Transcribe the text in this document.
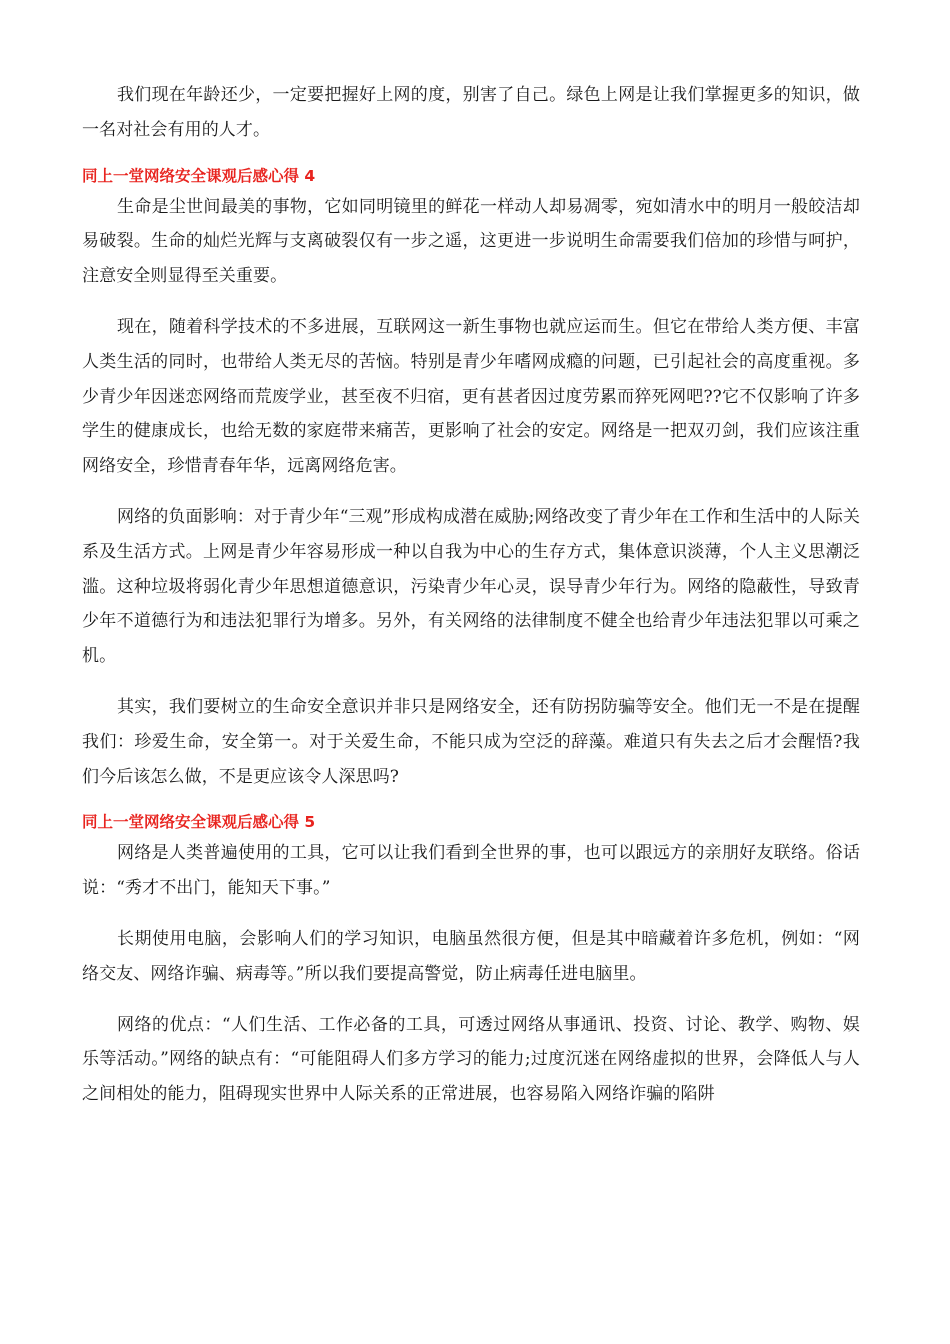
我们现在年龄还少，一定要把握好上网的度，别害了自己。绿色上网是让我们掌握更多的知识，做一名对社会有用的人才。

同上一堂网络安全课观后感心得 4

生命是尘世间最美的事物，它如同明镜里的鲜花一样动人却易凋零，宛如清水中的明月一般皎洁却易破裂。生命的灿烂光辉与支离破裂仅有一步之遥，这更进一步说明生命需要我们倍加的珍惜与呵护，注意安全则显得至关重要。

现在，随着科学技术的不多进展，互联网这一新生事物也就应运而生。但它在带给人类方便、丰富人类生活的同时，也带给人类无尽的苦恼。特别是青少年嗜网成瘾的问题，已引起社会的高度重视。多少青少年因迷恋网络而荒废学业，甚至夜不归宿，更有甚者因过度劳累而猝死网吧??它不仅影响了许多学生的健康成长，也给无数的家庭带来痛苦，更影响了社会的安定。网络是一把双刃剑，我们应该注重网络安全，珍惜青春年华，远离网络危害。

网络的负面影响：对于青少年“三观”形成构成潜在威胁;网络改变了青少年在工作和生活中的人际关系及生活方式。上网是青少年容易形成一种以自我为中心的生存方式，集体意识淡薄，个人主义思潮泛滥。这种垃圾将弱化青少年思想道德意识，污染青少年心灵，误导青少年行为。网络的隐蔽性，导致青少年不道德行为和违法犯罪行为增多。另外，有关网络的法律制度不健全也给青少年违法犯罪以可乘之机。

其实，我们要树立的生命安全意识并非只是网络安全，还有防拐防骗等安全。他们无一不是在提醒我们：珍爱生命，安全第一。对于关爱生命，不能只成为空泛的辞藻。难道只有失去之后才会醒悟?我们今后该怎么做，不是更应该令人深思吗?

同上一堂网络安全课观后感心得 5

网络是人类普遍使用的工具，它可以让我们看到全世界的事，也可以跟远方的亲朋好友联络。俗话说：“秀才不出门，能知天下事。”

长期使用电脑，会影响人们的学习知识，电脑虽然很方便，但是其中暗藏着许多危机，例如：“网络交友、网络诈骗、病毒等。”所以我们要提高警觉，防止病毒任进电脑里。

网络的优点：“人们生活、工作必备的工具，可透过网络从事通讯、投资、讨论、教学、购物、娱乐等活动。”网络的缺点有：“可能阻碍人们多方学习的能力;过度沉迷在网络虚拟的世界，会降低人与人之间相处的能力，阻碍现实世界中人际关系的正常进展，也容易陷入网络诈骗的陷阱
